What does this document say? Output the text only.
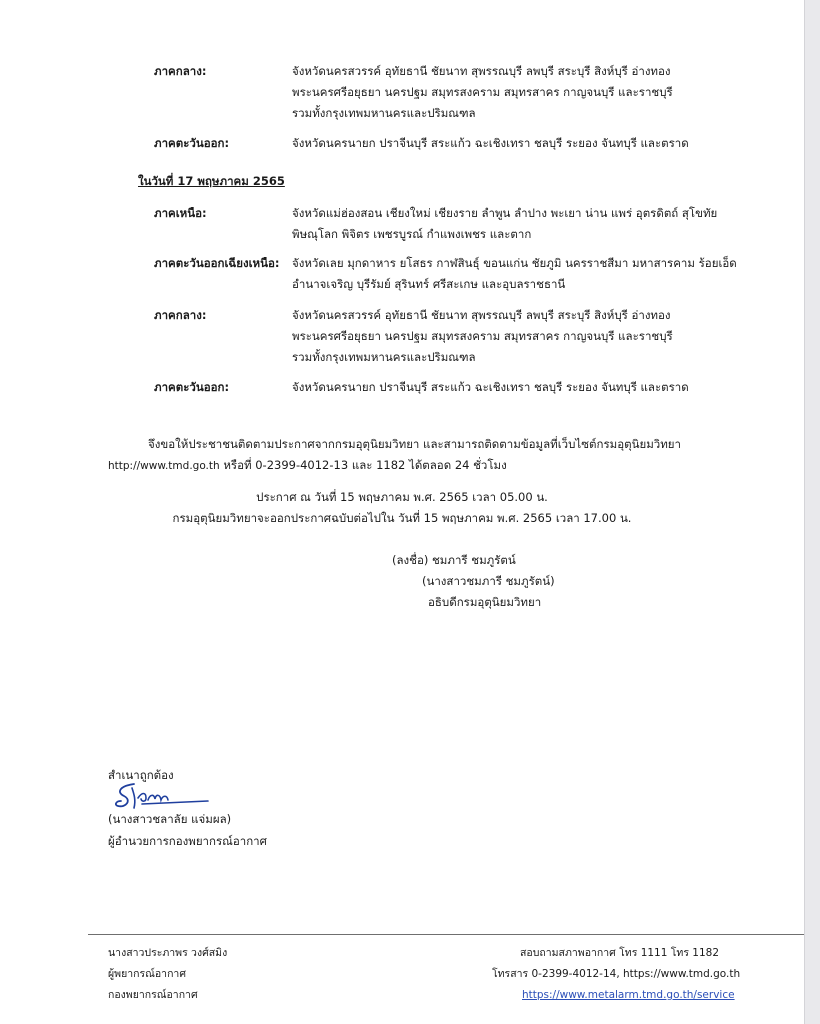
ภาคกลาง:	จังหวัดนครสวรรค์ อุทัยธานี ชัยนาท สุพรรณบุรี ลพบุรี สระบุรี สิงห์บุรี อ่างทอง
พระนครศรีอยุธยา นครปฐม สมุทรสงคราม สมุทรสาคร กาญจนบุรี และราชบุรี
รวมทั้งกรุงเทพมหานครและปริมณฑล
ภาคตะวันออก:	จังหวัดนครนายก ปราจีนบุรี สระแก้ว ฉะเชิงเทรา ชลบุรี ระยอง จันทบุรี และตราด
ในวันที่ 17 พฤษภาคม 2565
ภาคเหนือ:	จังหวัดแม่ฮ่องสอน เชียงใหม่ เชียงราย ลำพูน ลำปาง พะเยา น่าน แพร่ อุตรดิตถ์ สุโขทัย
พิษณุโลก พิจิตร เพชรบูรณ์ กำแพงเพชร และตาก
ภาคตะวันออกเฉียงเหนือ: จังหวัดเลย มุกดาหาร ยโสธร กาฬสินธุ์ ขอนแก่น ชัยภูมิ นครราชสีมา มหาสารคาม ร้อยเอ็ด
อำนาจเจริญ บุรีรัมย์ สุรินทร์ ศรีสะเกษ และอุบลราชธานี
ภาคกลาง:	จังหวัดนครสวรรค์ อุทัยธานี ชัยนาท สุพรรณบุรี ลพบุรี สระบุรี สิงห์บุรี อ่างทอง
พระนครศรีอยุธยา นครปฐม สมุทรสงคราม สมุทรสาคร กาญจนบุรี และราชบุรี
รวมทั้งกรุงเทพมหานครและปริมณฑล
ภาคตะวันออก:	จังหวัดนครนายก ปราจีนบุรี สระแก้ว ฉะเชิงเทรา ชลบุรี ระยอง จันทบุรี และตราด
จึงขอให้ประชาชนติดตามประกาศจากกรมอุตุนิยมวิทยา และสามารถติดตามข้อมูลที่เว็บไซต์กรมอุตุนิยมวิทยา
http://www.tmd.go.th หรือที่ 0-2399-4012-13 และ 1182 ได้ตลอด 24 ชั่วโมง
ประกาศ ณ วันที่ 15 พฤษภาคม พ.ศ. 2565 เวลา 05.00 น.
กรมอุตุนิยมวิทยาจะออกประกาศฉบับต่อไปใน วันที่ 15 พฤษภาคม พ.ศ. 2565 เวลา 17.00 น.
(ลงชื่อ) ชมภารี ชมภูรัตน์
(นางสาวชมภารี ชมภูรัตน์)
อธิบดีกรมอุตุนิยมวิทยา
สำเนาถูกต้อง
(นางสาวชลาลัย แจ่มผล)
ผู้อำนวยการกองพยากรณ์อากาศ
นางสาวประภาพร วงศ์สมิง
ผู้พยากรณ์อากาศ
กองพยากรณ์อากาศ
สอบถามสภาพอากาศ โทร 1111 โทร 1182
โทรสาร 0-2399-4012-14, https://www.tmd.go.th
https://www.metalarm.tmd.go.th/service
